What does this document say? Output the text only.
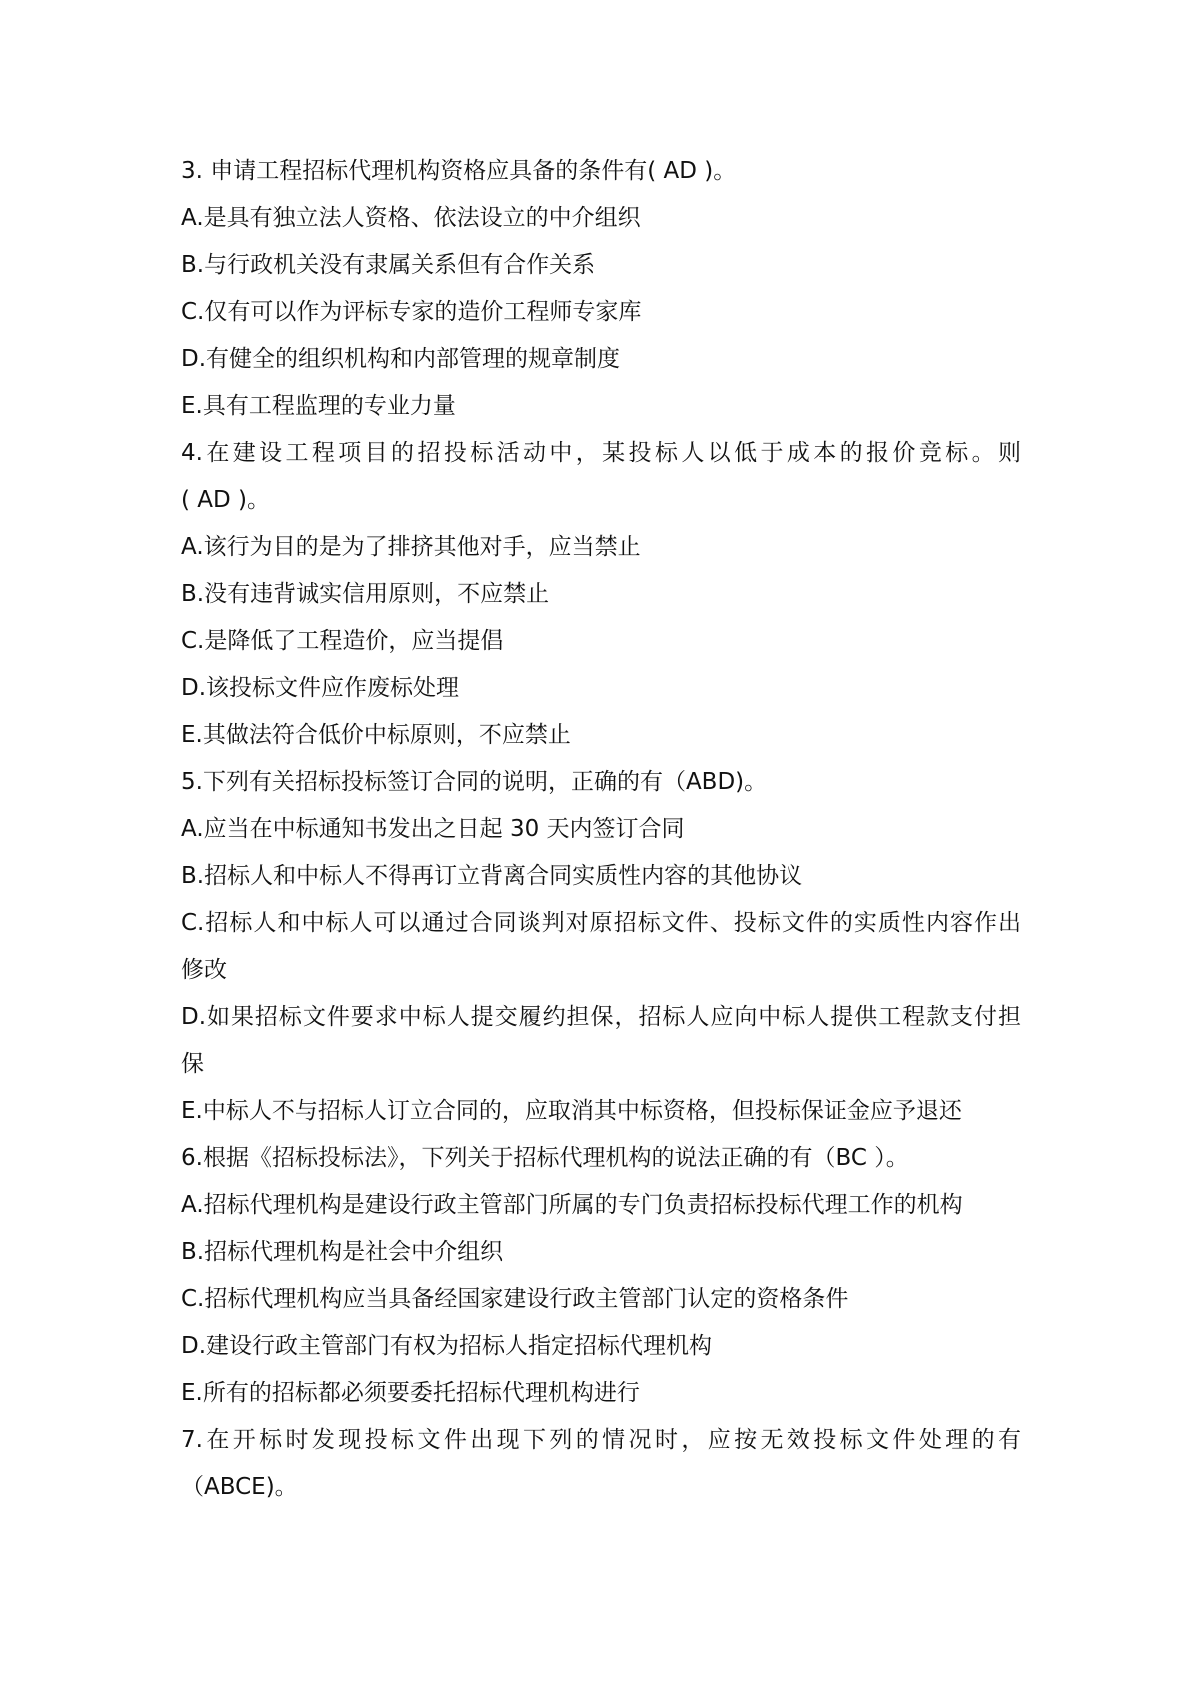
3. 申请工程招标代理机构资格应具备的条件有( AD )。
A.是具有独立法人资格、依法设立的中介组织
B.与行政机关没有隶属关系但有合作关系
C.仅有可以作为评标专家的造价工程师专家库
D.有健全的组织机构和内部管理的规章制度
E.具有工程监理的专业力量
4.在建设工程项目的招投标活动中，某投标人以低于成本的报价竞标。则
( AD )。
A.该行为目的是为了排挤其他对手，应当禁止
B.没有违背诚实信用原则，不应禁止
C.是降低了工程造价，应当提倡
D.该投标文件应作废标处理
E.其做法符合低价中标原则，不应禁止
5.下列有关招标投标签订合同的说明，正确的有（ABD)。
A.应当在中标通知书发出之日起 30 天内签订合同
B.招标人和中标人不得再订立背离合同实质性内容的其他协议
C.招标人和中标人可以通过合同谈判对原招标文件、投标文件的实质性内容作出
修改
D.如果招标文件要求中标人提交履约担保，招标人应向中标人提供工程款支付担
保
E.中标人不与招标人订立合同的，应取消其中标资格，但投标保证金应予退还
6.根据《招标投标法》，下列关于招标代理机构的说法正确的有（BC ）。
A.招标代理机构是建设行政主管部门所属的专门负责招标投标代理工作的机构
B.招标代理机构是社会中介组织
C.招标代理机构应当具备经国家建设行政主管部门认定的资格条件
D.建设行政主管部门有权为招标人指定招标代理机构
E.所有的招标都必须要委托招标代理机构进行
7.在开标时发现投标文件出现下列的情况时，应按无效投标文件处理的有
（ABCE)。
